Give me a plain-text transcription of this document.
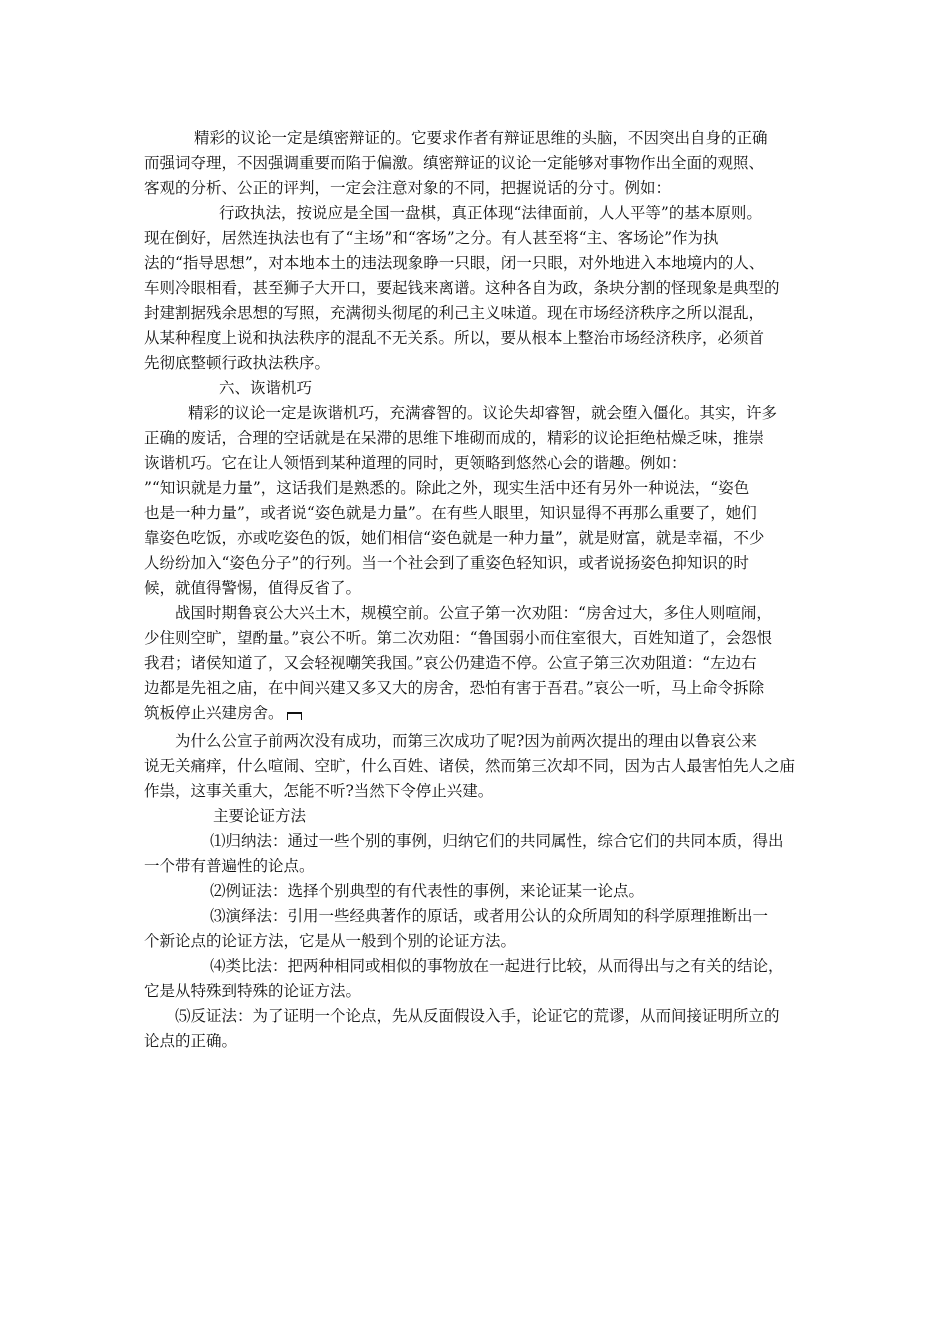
精彩的议论一定是缜密辩证的。它要求作者有辩证思维的头脑，不因突出自身的正确
而强词夺理，不因强调重要而陷于偏激。缜密辩证的议论一定能够对事物作出全面的观照、
客观的分析、公正的评判，一定会注意对象的不同，把握说话的分寸。例如：
行政执法，按说应是全国一盘棋，真正体现“法律面前，人人平等”的基本原则。
现在倒好，居然连执法也有了“主场”和“客场”之分。有人甚至将“主、客场论”作为执
法的“指导思想”，对本地本土的违法现象睁一只眼，闭一只眼，对外地进入本地境内的人、
车则冷眼相看，甚至狮子大开口，要起钱来离谱。这种各自为政，条块分割的怪现象是典型的
封建割据残余思想的写照，充满彻头彻尾的利己主义味道。现在市场经济秩序之所以混乱，
从某种程度上说和执法秩序的混乱不无关系。所以，要从根本上整治市场经济秩序，必须首
先彻底整顿行政执法秩序。
六、诙谐机巧
精彩的议论一定是诙谐机巧，充满睿智的。议论失却睿智，就会堕入僵化。其实，许多
正确的废话，合理的空话就是在呆滞的思维下堆砌而成的，精彩的议论拒绝枯燥乏味，推崇
诙谐机巧。它在让人领悟到某种道理的同时，更领略到悠然心会的谐趣。例如：
”“知识就是力量”，这话我们是熟悉的。除此之外，现实生活中还有另外一种说法，“姿色
也是一种力量”，或者说“姿色就是力量”。在有些人眼里，知识显得不再那么重要了，她们
靠姿色吃饭，亦或吃姿色的饭，她们相信“姿色就是一种力量”，就是财富，就是幸福，不少
人纷纷加入“姿色分子”的行列。当一个社会到了重姿色轻知识，或者说扬姿色抑知识的时
候，就值得警惕，值得反省了。
战国时期鲁哀公大兴土木，规模空前。公宣子第一次劝阻：“房舍过大，多住人则喧闹，
少住则空旷，望酌量。”哀公不听。第二次劝阻：“鲁国弱小而住室很大，百姓知道了，会怨恨
我君；诸侯知道了，又会轻视嘲笑我国。”哀公仍建造不停。公宣子第三次劝阻道：“左边右
边都是先祖之庙，在中间兴建又多又大的房舍，恐怕有害于吾君。”哀公一听，马上命令拆除
筑板停止兴建房舍。
为什么公宣子前两次没有成功，而第三次成功了呢?因为前两次提出的理由以鲁哀公来
说无关痛痒，什么喧闹、空旷，什么百姓、诸侯，然而第三次却不同，因为古人最害怕先人之庙
作祟，这事关重大，怎能不听?当然下令停止兴建。
主要论证方法
⑴归纳法：通过一些个别的事例，归纳它们的共同属性，综合它们的共同本质，得出
一个带有普遍性的论点。
⑵例证法：选择个别典型的有代表性的事例，来论证某一论点。
⑶演绎法：引用一些经典著作的原话，或者用公认的众所周知的科学原理推断出一
个新论点的论证方法，它是从一般到个别的论证方法。
⑷类比法：把两种相同或相似的事物放在一起进行比较，从而得出与之有关的结论，
它是从特殊到特殊的论证方法。
⑸反证法：为了证明一个论点，先从反面假设入手，论证它的荒谬，从而间接证明所立的
论点的正确。
